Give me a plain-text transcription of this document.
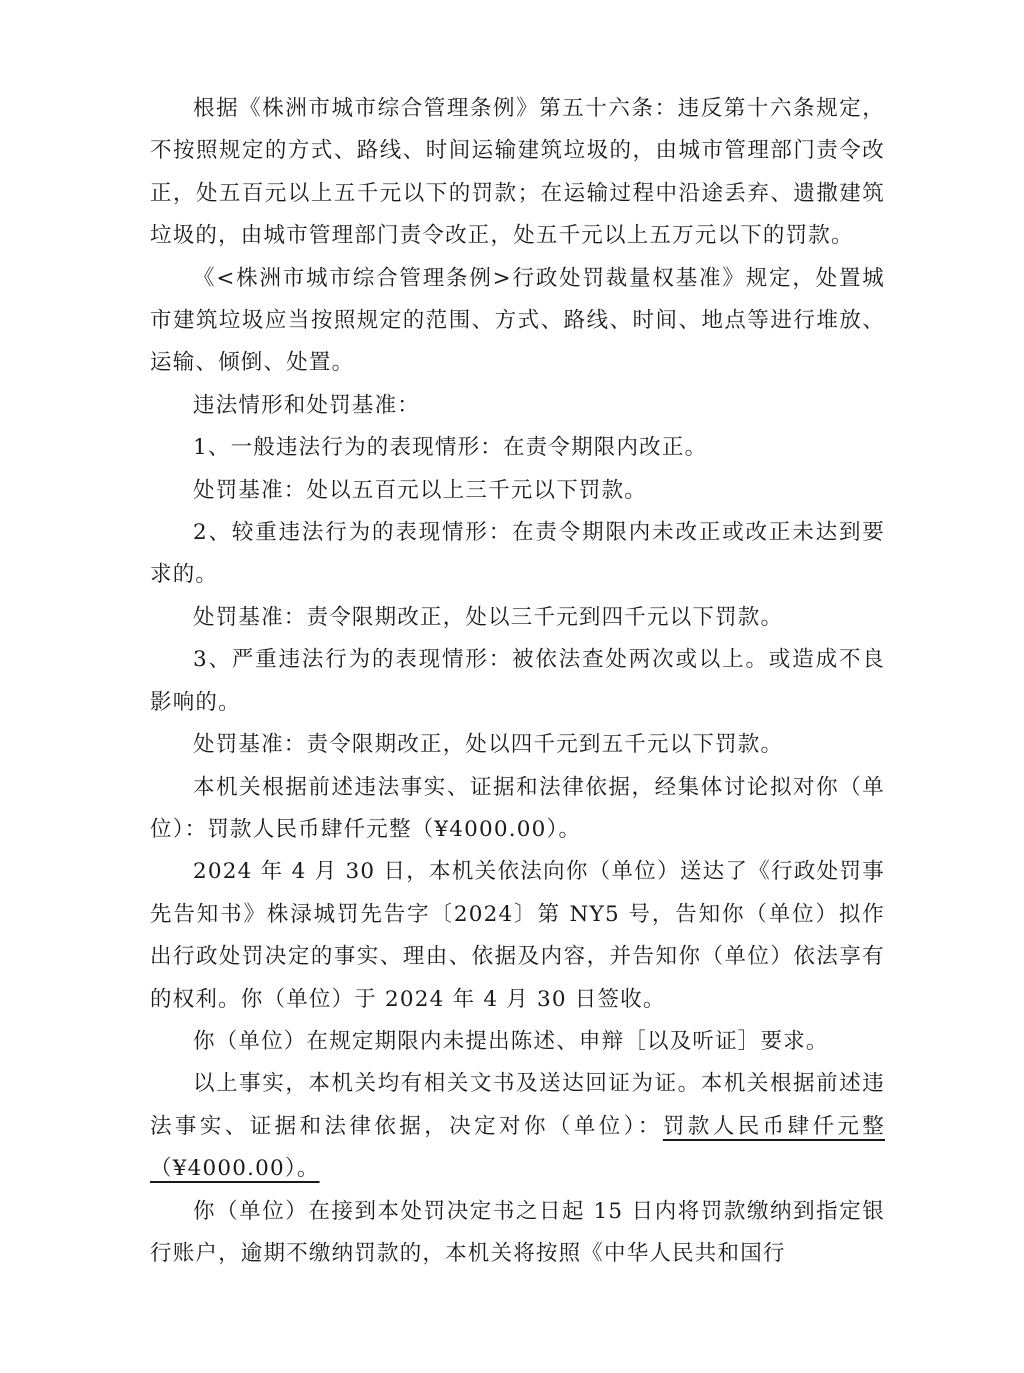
根据《株洲市城市综合管理条例》第五十六条：违反第十六条规定，不按照规定的方式、路线、时间运输建筑垃圾的，由城市管理部门责令改正，处五百元以上五千元以下的罚款；在运输过程中沿途丢弃、遗撒建筑垃圾的，由城市管理部门责令改正，处五千元以上五万元以下的罚款。

《<株洲市城市综合管理条例>行政处罚裁量权基准》规定，处置城市建筑垃圾应当按照规定的范围、方式、路线、时间、地点等进行堆放、运输、倾倒、处置。

违法情形和处罚基准：

1、一般违法行为的表现情形：在责令期限内改正。

处罚基准：处以五百元以上三千元以下罚款。

2、较重违法行为的表现情形：在责令期限内未改正或改正未达到要求的。

处罚基准：责令限期改正，处以三千元到四千元以下罚款。

3、严重违法行为的表现情形：被依法查处两次或以上。或造成不良影响的。

处罚基准：责令限期改正，处以四千元到五千元以下罚款。

本机关根据前述违法事实、证据和法律依据，经集体讨论拟对你（单位）：罚款人民币肆仟元整（¥4000.00）。

2024 年 4 月 30 日，本机关依法向你（单位）送达了《行政处罚事先告知书》株渌城罚先告字〔2024〕第 NY5 号，告知你（单位）拟作出行政处罚决定的事实、理由、依据及内容，并告知你（单位）依法享有的权利。你（单位）于 2024 年 4 月 30 日签收。

你（单位）在规定期限内未提出陈述、申辩［以及听证］要求。

以上事实，本机关均有相关文书及送达回证为证。本机关根据前述违法事实、证据和法律依据，决定对你（单位）：罚款人民币肆仟元整（¥4000.00）。

你（单位）在接到本处罚决定书之日起 15 日内将罚款缴纳到指定银行账户，逾期不缴纳罚款的，本机关将按照《中华人民共和国行
